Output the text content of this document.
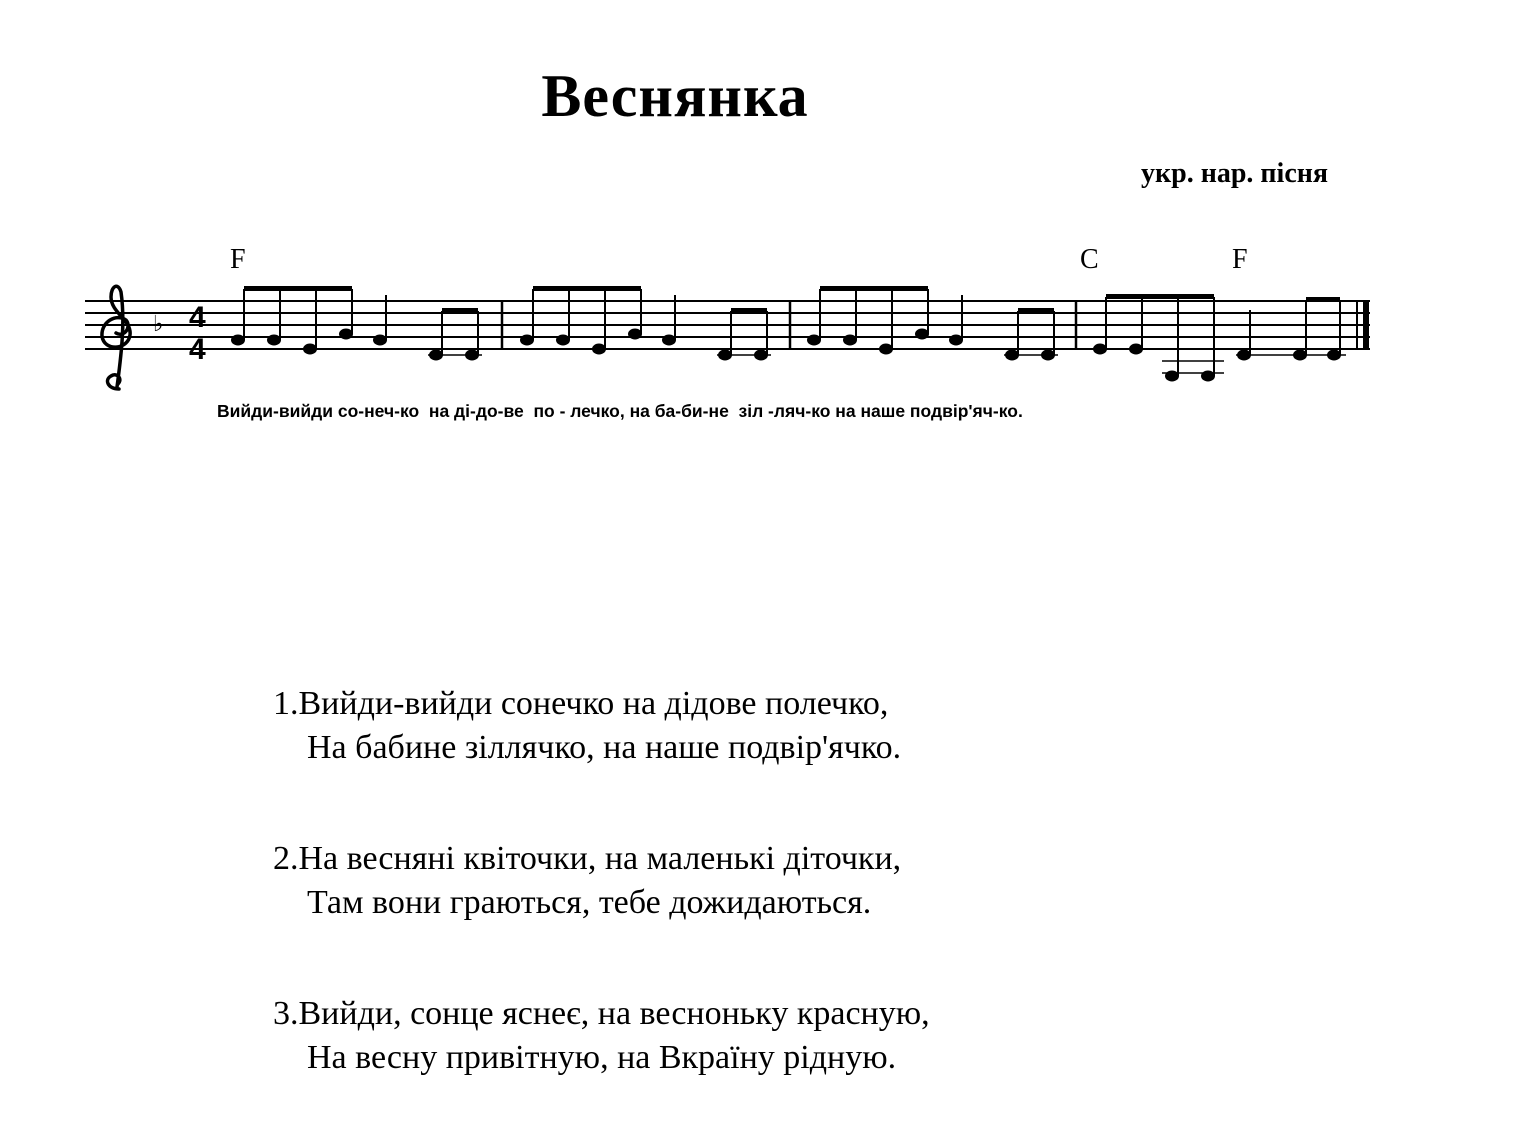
Веснянка
укр. нар. пісня
F	C	F
♭ 4
4
Вийди-вийди со-неч-ко  на ді-до-ве  по - лечко, на ба-би-не  зіл -ляч-ко на наше подвір'яч-ко.
1.Вийди-вийди сонечко на дідове полечко,
На бабине зіллячко, на наше подвір'ячко.
2.На весняні квіточки, на маленькі діточки,
Там вони граються, тебе дожидаються.
3.Вийди, сонце яснеє, на весноньку красную,
На весну привітную, на Вкраїну рідную.
